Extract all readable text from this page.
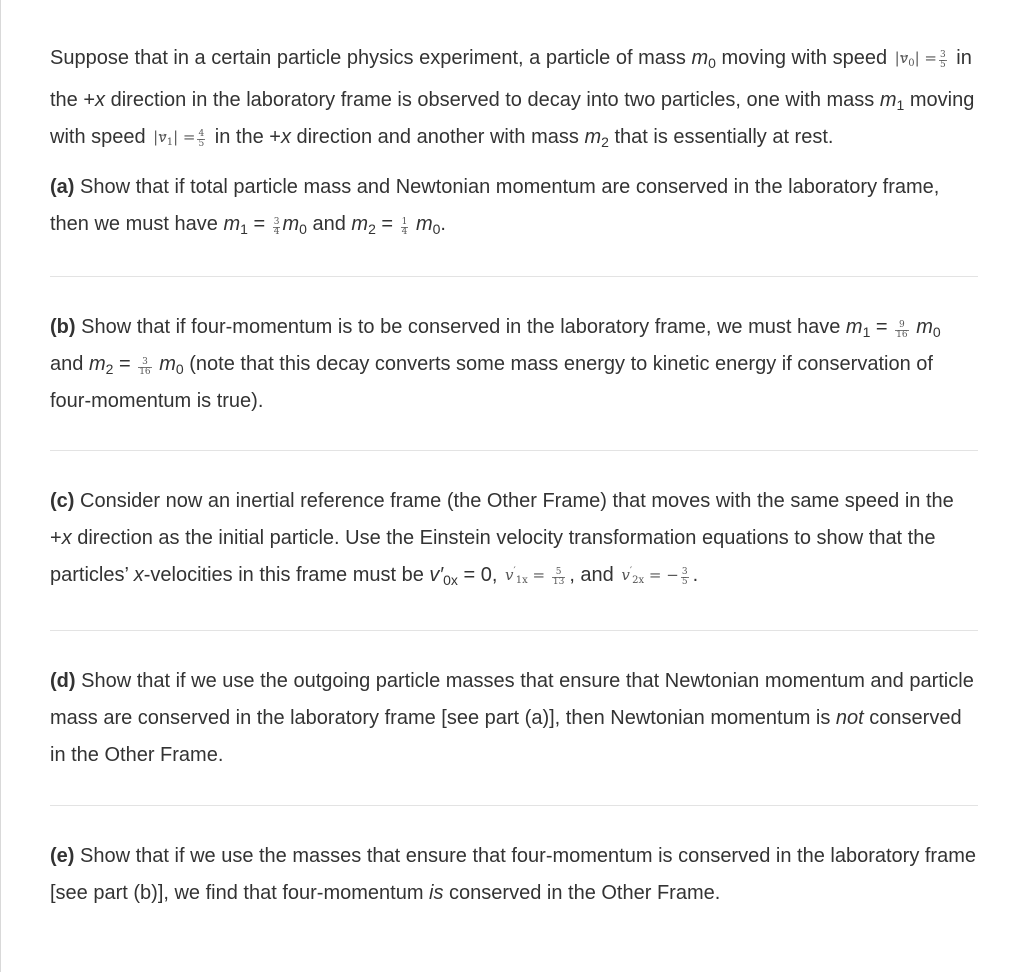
Suppose that in a certain particle physics experiment, a particle of mass $m_0$ moving with speed |→ $v_0| = \frac{3}{5}$ in the +x direction in the laboratory frame is observed to decay into two particles, one with mass $m_1$ moving with speed |→ $v_1| = \frac{4}{5}$ in the +x direction and another with mass $m_2$ that is essentially at rest.

(a) Show that if total particle mass and Newtonian momentum are conserved in the laboratory frame, then we must have $m_1 = \frac{3}{4} m_0$ and $m_2 = \frac{1}{4} m_0$.

(b) Show that if four-momentum is to be conserved in the laboratory frame, we must have $m_1 = \frac{9}{16} m_0$ and $m_2 = \frac{3}{16} m_0$ (note that this decay converts some mass energy to kinetic energy if conservation of four-momentum is true).

(c) Consider now an inertial reference frame (the Other Frame) that moves with the same speed in the +x direction as the initial particle. Use the Einstein velocity transformation equations to show that the particles’ x-velocities in this frame must be $v'_{0x} = 0$, $v'_{1x} = \frac{5}{13}$ , and $v'_{2x}$ = − $\frac{3}{5}$ .

(d) Show that if we use the outgoing particle masses that ensure that Newtonian momentum and particle mass are conserved in the laboratory frame [see part (a)], then Newtonian momentum is not conserved in the Other Frame.

(e) Show that if we use the masses that ensure that four-momentum is conserved in the laboratory frame [see part (b)], we find that four-momentum is conserved in the Other Frame.
